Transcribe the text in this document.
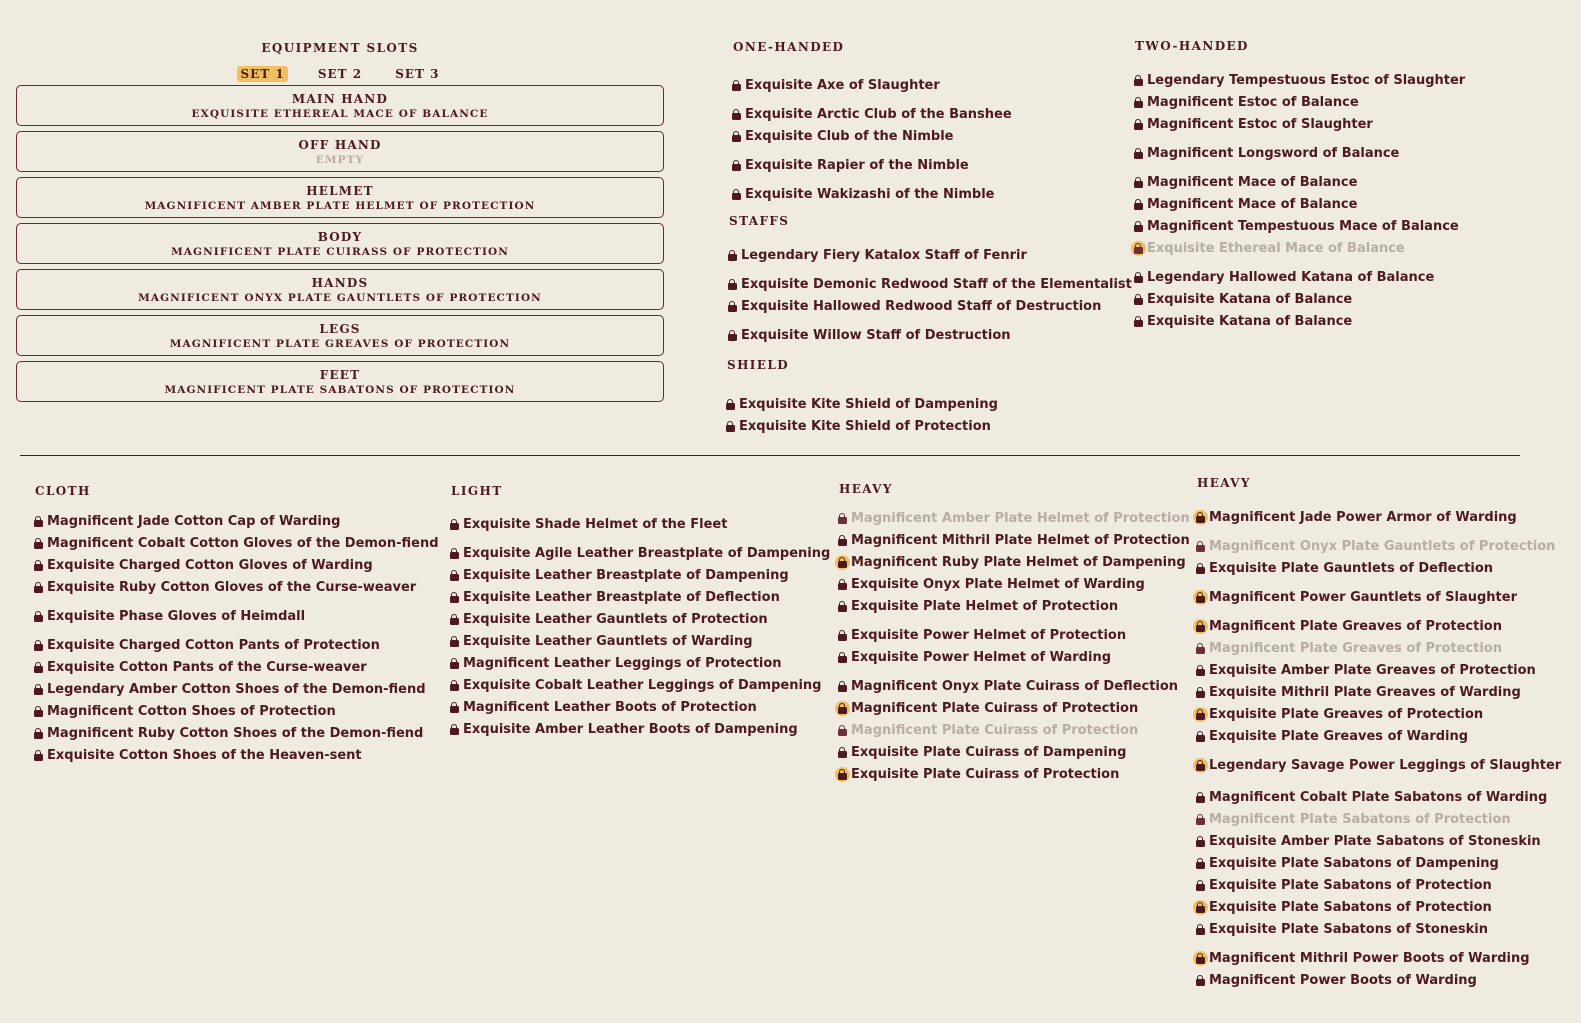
EQUIPMENT SLOTS
SET 1	SET 2	SET 3
MAIN HAND
EXQUISITE ETHEREAL MACE OF BALANCE
OFF HAND
EMPTY
HELMET
MAGNIFICENT AMBER PLATE HELMET OF PROTECTION
BODY
MAGNIFICENT PLATE CUIRASS OF PROTECTION
HANDS
MAGNIFICENT ONYX PLATE GAUNTLETS OF PROTECTION
LEGS
MAGNIFICENT PLATE GREAVES OF PROTECTION
FEET
MAGNIFICENT PLATE SABATONS OF PROTECTION
ONE-HANDED
Exquisite Axe of Slaughter
Exquisite Arctic Club of the Banshee
Exquisite Club of the Nimble
Exquisite Rapier of the Nimble
Exquisite Wakizashi of the Nimble
STAFFS
Legendary Fiery Katalox Staff of Fenrir
Exquisite Demonic Redwood Staff of the Elementalist
Exquisite Hallowed Redwood Staff of Destruction
Exquisite Willow Staff of Destruction
SHIELD
Exquisite Kite Shield of Dampening
Exquisite Kite Shield of Protection
TWO-HANDED
Legendary Tempestuous Estoc of Slaughter
Magnificent Estoc of Balance
Magnificent Estoc of Slaughter
Magnificent Longsword of Balance
Magnificent Mace of Balance
Magnificent Mace of Balance
Magnificent Tempestuous Mace of Balance
Exquisite Ethereal Mace of Balance
Legendary Hallowed Katana of Balance
Exquisite Katana of Balance
Exquisite Katana of Balance
CLOTH
Magnificent Jade Cotton Cap of Warding
Magnificent Cobalt Cotton Gloves of the Demon-fiend
Exquisite Charged Cotton Gloves of Warding
Exquisite Ruby Cotton Gloves of the Curse-weaver
Exquisite Phase Gloves of Heimdall
Exquisite Charged Cotton Pants of Protection
Exquisite Cotton Pants of the Curse-weaver
Legendary Amber Cotton Shoes of the Demon-fiend
Magnificent Cotton Shoes of Protection
Magnificent Ruby Cotton Shoes of the Demon-fiend
Exquisite Cotton Shoes of the Heaven-sent
LIGHT
Exquisite Shade Helmet of the Fleet
Exquisite Agile Leather Breastplate of Dampening
Exquisite Leather Breastplate of Dampening
Exquisite Leather Breastplate of Deflection
Exquisite Leather Gauntlets of Protection
Exquisite Leather Gauntlets of Warding
Magnificent Leather Leggings of Protection
Exquisite Cobalt Leather Leggings of Dampening
Magnificent Leather Boots of Protection
Exquisite Amber Leather Boots of Dampening
HEAVY
Magnificent Amber Plate Helmet of Protection
Magnificent Mithril Plate Helmet of Protection
Magnificent Ruby Plate Helmet of Dampening
Exquisite Onyx Plate Helmet of Warding
Exquisite Plate Helmet of Protection
Exquisite Power Helmet of Protection
Exquisite Power Helmet of Warding
Magnificent Onyx Plate Cuirass of Deflection
Magnificent Plate Cuirass of Protection
Magnificent Plate Cuirass of Protection
Exquisite Plate Cuirass of Dampening
Exquisite Plate Cuirass of Protection
HEAVY
Magnificent Jade Power Armor of Warding
Magnificent Onyx Plate Gauntlets of Protection
Exquisite Plate Gauntlets of Deflection
Magnificent Power Gauntlets of Slaughter
Magnificent Plate Greaves of Protection
Magnificent Plate Greaves of Protection
Exquisite Amber Plate Greaves of Protection
Exquisite Mithril Plate Greaves of Warding
Exquisite Plate Greaves of Protection
Exquisite Plate Greaves of Warding
Legendary Savage Power Leggings of Slaughter
Magnificent Cobalt Plate Sabatons of Warding
Magnificent Plate Sabatons of Protection
Exquisite Amber Plate Sabatons of Stoneskin
Exquisite Plate Sabatons of Dampening
Exquisite Plate Sabatons of Protection
Exquisite Plate Sabatons of Protection
Exquisite Plate Sabatons of Stoneskin
Magnificent Mithril Power Boots of Warding
Magnificent Power Boots of Warding
